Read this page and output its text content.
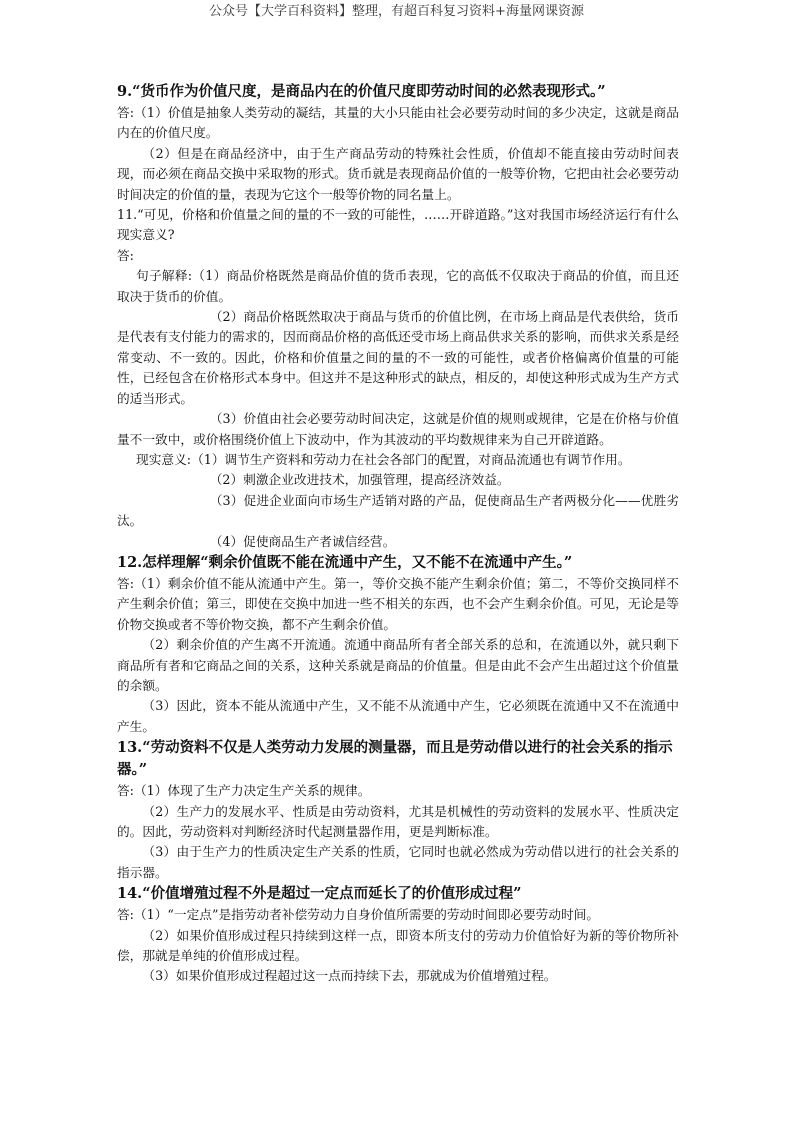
公众号【大学百科资料】整理，有超百科复习资料+海量网课资源

9.“货币作为价值尺度，是商品内在的价值尺度即劳动时间的必然表现形式。”

答:（1）价值是抽象人类劳动的凝结，其量的大小只能由社会必要劳动时间的多少决定，这就是商品内在的价值尺度。

（2）但是在商品经济中，由于生产商品劳动的特殊社会性质，价值却不能直接由劳动时间表现，而必须在商品交换中采取物的形式。货币就是表现商品价值的一般等价物，它把由社会必要劳动时间决定的价值的量，表现为它这个一般等价物的同名量上。

11.“可见，价格和价值量之间的量的不一致的可能性，……开辟道路。”这对我国市场经济运行有什么现实意义?

答:

句子解释:（1）商品价格既然是商品价值的货币表现，它的高低不仅取决于商品的价值，而且还取决于货币的价值。

（2）商品价格既然取决于商品与货币的价值比例，在市场上商品是代表供给，货币是代表有支付能力的需求的，因而商品价格的高低还受市场上商品供求关系的影响，而供求关系是经常变动、不一致的。因此，价格和价值量之间的量的不一致的可能性，或者价格偏离价值量的可能性，已经包含在价格形式本身中。但这并不是这种形式的缺点，相反的，却使这种形式成为生产方式的适当形式。

（3）价值由社会必要劳动时间决定，这就是价值的规则或规律，它是在价格与价值量不一致中，或价格围绕价值上下波动中，作为其波动的平均数规律来为自己开辟道路。

现实意义:（1）调节生产资料和劳动力在社会各部门的配置，对商品流通也有调节作用。

（2）刺激企业改进技术，加强管理，提高经济效益。

（3）促进企业面向市场生产适销对路的产品，促使商品生产者两极分化——优胜劣汰。

（4）促使商品生产者诚信经营。

12.怎样理解“剩余价值既不能在流通中产生，又不能不在流通中产生。”

答:（1）剩余价值不能从流通中产生。第一，等价交换不能产生剩余价值；第二，不等价交换同样不产生剩余价值；第三，即使在交换中加进一些不相关的东西，也不会产生剩余价值。可见，无论是等价物交换或者不等价物交换，都不产生剩余价值。

（2）剩余价值的产生离不开流通。流通中商品所有者全部关系的总和，在流通以外，就只剩下商品所有者和它商品之间的关系，这种关系就是商品的价值量。但是由此不会产生出超过这个价值量的余额。

（3）因此，资本不能从流通中产生，又不能不从流通中产生，它必须既在流通中又不在流通中产生。

13.“劳动资料不仅是人类劳动力发展的测量器，而且是劳动借以进行的社会关系的指示器。”

答:（1）体现了生产力决定生产关系的规律。

（2）生产力的发展水平、性质是由劳动资料，尤其是机械性的劳动资料的发展水平、性质决定的。因此，劳动资料对判断经济时代起测量器作用，更是判断标准。

（3）由于生产力的性质决定生产关系的性质，它同时也就必然成为劳动借以进行的社会关系的指示器。

14.“价值增殖过程不外是超过一定点而延长了的价值形成过程”

答:（1）“一定点”是指劳动者补偿劳动力自身价值所需要的劳动时间即必要劳动时间。

（2）如果价值形成过程只持续到这样一点，即资本所支付的劳动力价值恰好为新的等价物所补偿，那就是单纯的价值形成过程。

（3）如果价值形成过程超过这一点而持续下去，那就成为价值增殖过程。
